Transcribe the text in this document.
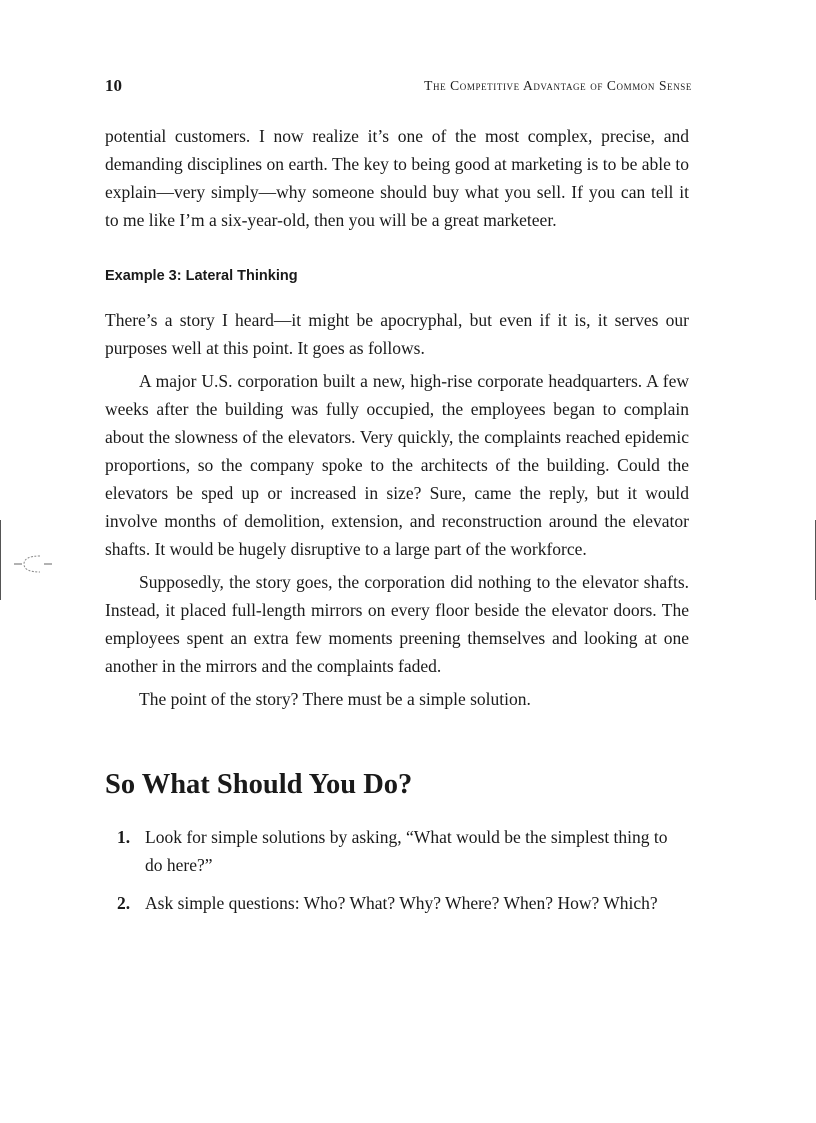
10	The Competitive Advantage of Common Sense

potential customers. I now realize it’s one of the most complex, precise, and demanding disciplines on earth. The key to being good at marketing is to be able to explain—very simply—why someone should buy what you sell. If you can tell it to me like I’m a six-year-old, then you will be a great marketeer.

Example 3: Lateral Thinking

There’s a story I heard—it might be apocryphal, but even if it is, it serves our purposes well at this point. It goes as follows.

A major U.S. corporation built a new, high-rise corporate headquarters. A few weeks after the building was fully occupied, the employees began to complain about the slowness of the elevators. Very quickly, the complaints reached epidemic proportions, so the company spoke to the architects of the building. Could the elevators be sped up or increased in size? Sure, came the reply, but it would involve months of demolition, extension, and reconstruction around the elevator shafts. It would be hugely disruptive to a large part of the workforce.

Supposedly, the story goes, the corporation did nothing to the elevator shafts. Instead, it placed full-length mirrors on every floor beside the elevator doors. The employees spent an extra few moments preening themselves and looking at one another in the mirrors and the complaints faded.

The point of the story? There must be a simple solution.

So What Should You Do?
1. Look for simple solutions by asking, “What would be the simplest thing to do here?”
2. Ask simple questions: Who? What? Why? Where? When? How? Which?
